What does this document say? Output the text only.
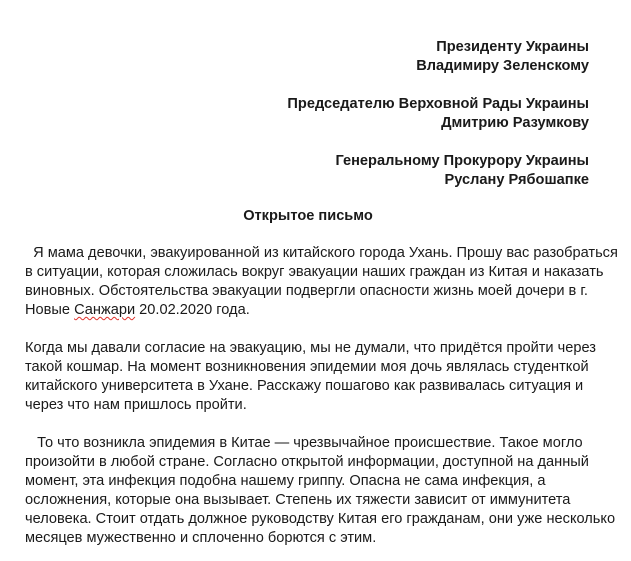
Президенту Украины
Владимиру Зеленскому
Председателю Верховной Рады Украины
Дмитрию Разумкову
Генеральному Прокурору Украины
Руслану Рябошапке
Открытое письмо

Я мама девочки, эвакуированной из китайского города Ухань. Прошу вас разобраться
в ситуации, которая сложилась вокруг эвакуации наших граждан из Китая и наказать
виновных. Обстоятельства эвакуации подвергли опасности жизнь моей дочери в г.
Новые Санжари 20.02.2020 года.

Когда мы давали согласие на эвакуацию, мы не думали, что придётся пройти через
такой кошмар. На момент возникновения эпидемии моя дочь являлась студенткой
китайского университета в Ухане. Расскажу пошагово как развивалась ситуация и
через что нам пришлось пройти.

То что возникла эпидемия в Китае — чрезвычайное происшествие. Такое могло
произойти в любой стране. Согласно открытой информации, доступной на данный
момент, эта инфекция подобна нашему гриппу. Опасна не сама инфекция, а
осложнения, которые она вызывает. Степень их тяжести зависит от иммунитета
человека. Стоит отдать должное руководству Китая его гражданам, они уже несколько
месяцев мужественно и сплоченно борются с этим.
